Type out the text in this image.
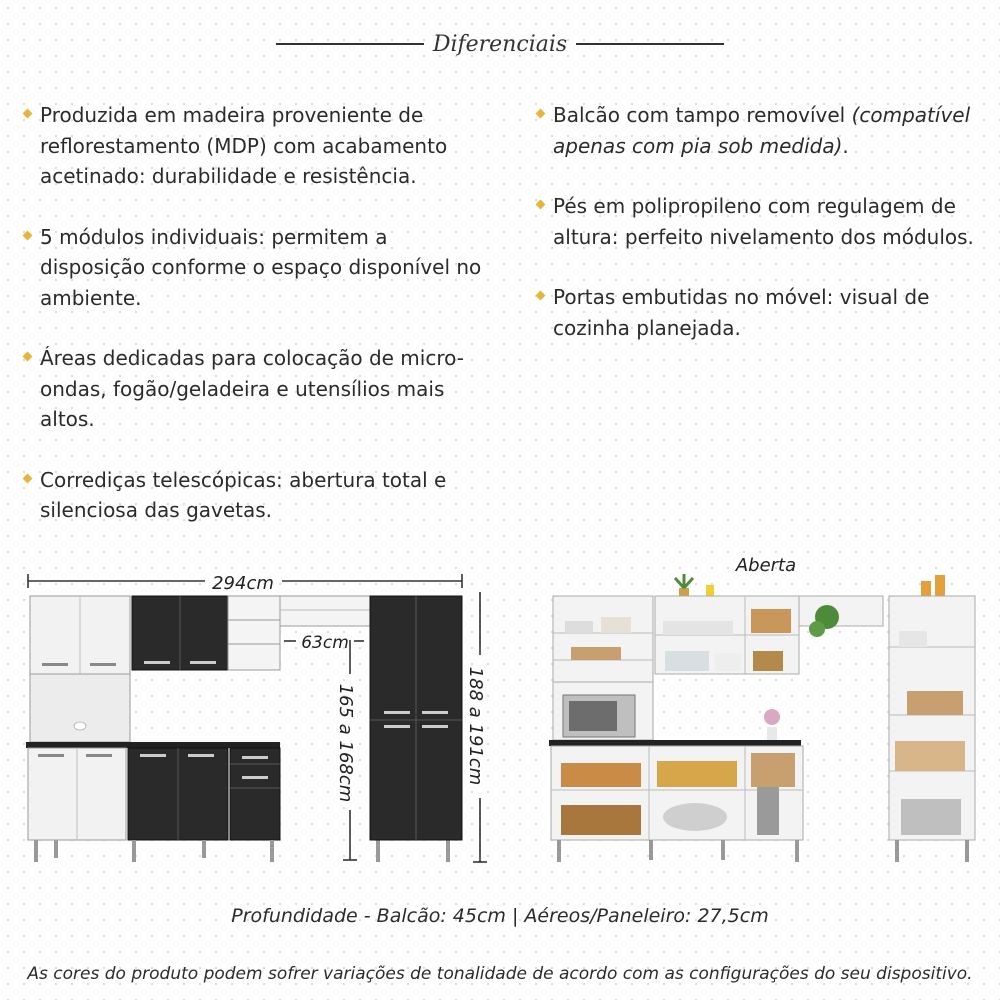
Diferenciais
Produzida em madeira proveniente de reflorestamento (MDP) com acabamento acetinado: durabilidade e resistência.
5 módulos individuais: permitem a disposição conforme o espaço disponível no ambiente.
Áreas dedicadas para colocação de micro-ondas, fogão/geladeira e utensílios mais altos.
Corrediças telescópicas: abertura total e silenciosa das gavetas.
Balcão com tampo removível (compatível apenas com pia sob medida).
Pés em polipropileno com regulagem de altura: perfeito nivelamento dos módulos.
Portas embutidas no móvel: visual de cozinha planejada.
294cm
63cm
165 a 168cm	188 a 191cm
Aberta
Profundidade - Balcão: 45cm | Aéreos/Paneleiro: 27,5cm
As cores do produto podem sofrer variações de tonalidade de acordo com as configurações do seu dispositivo.
